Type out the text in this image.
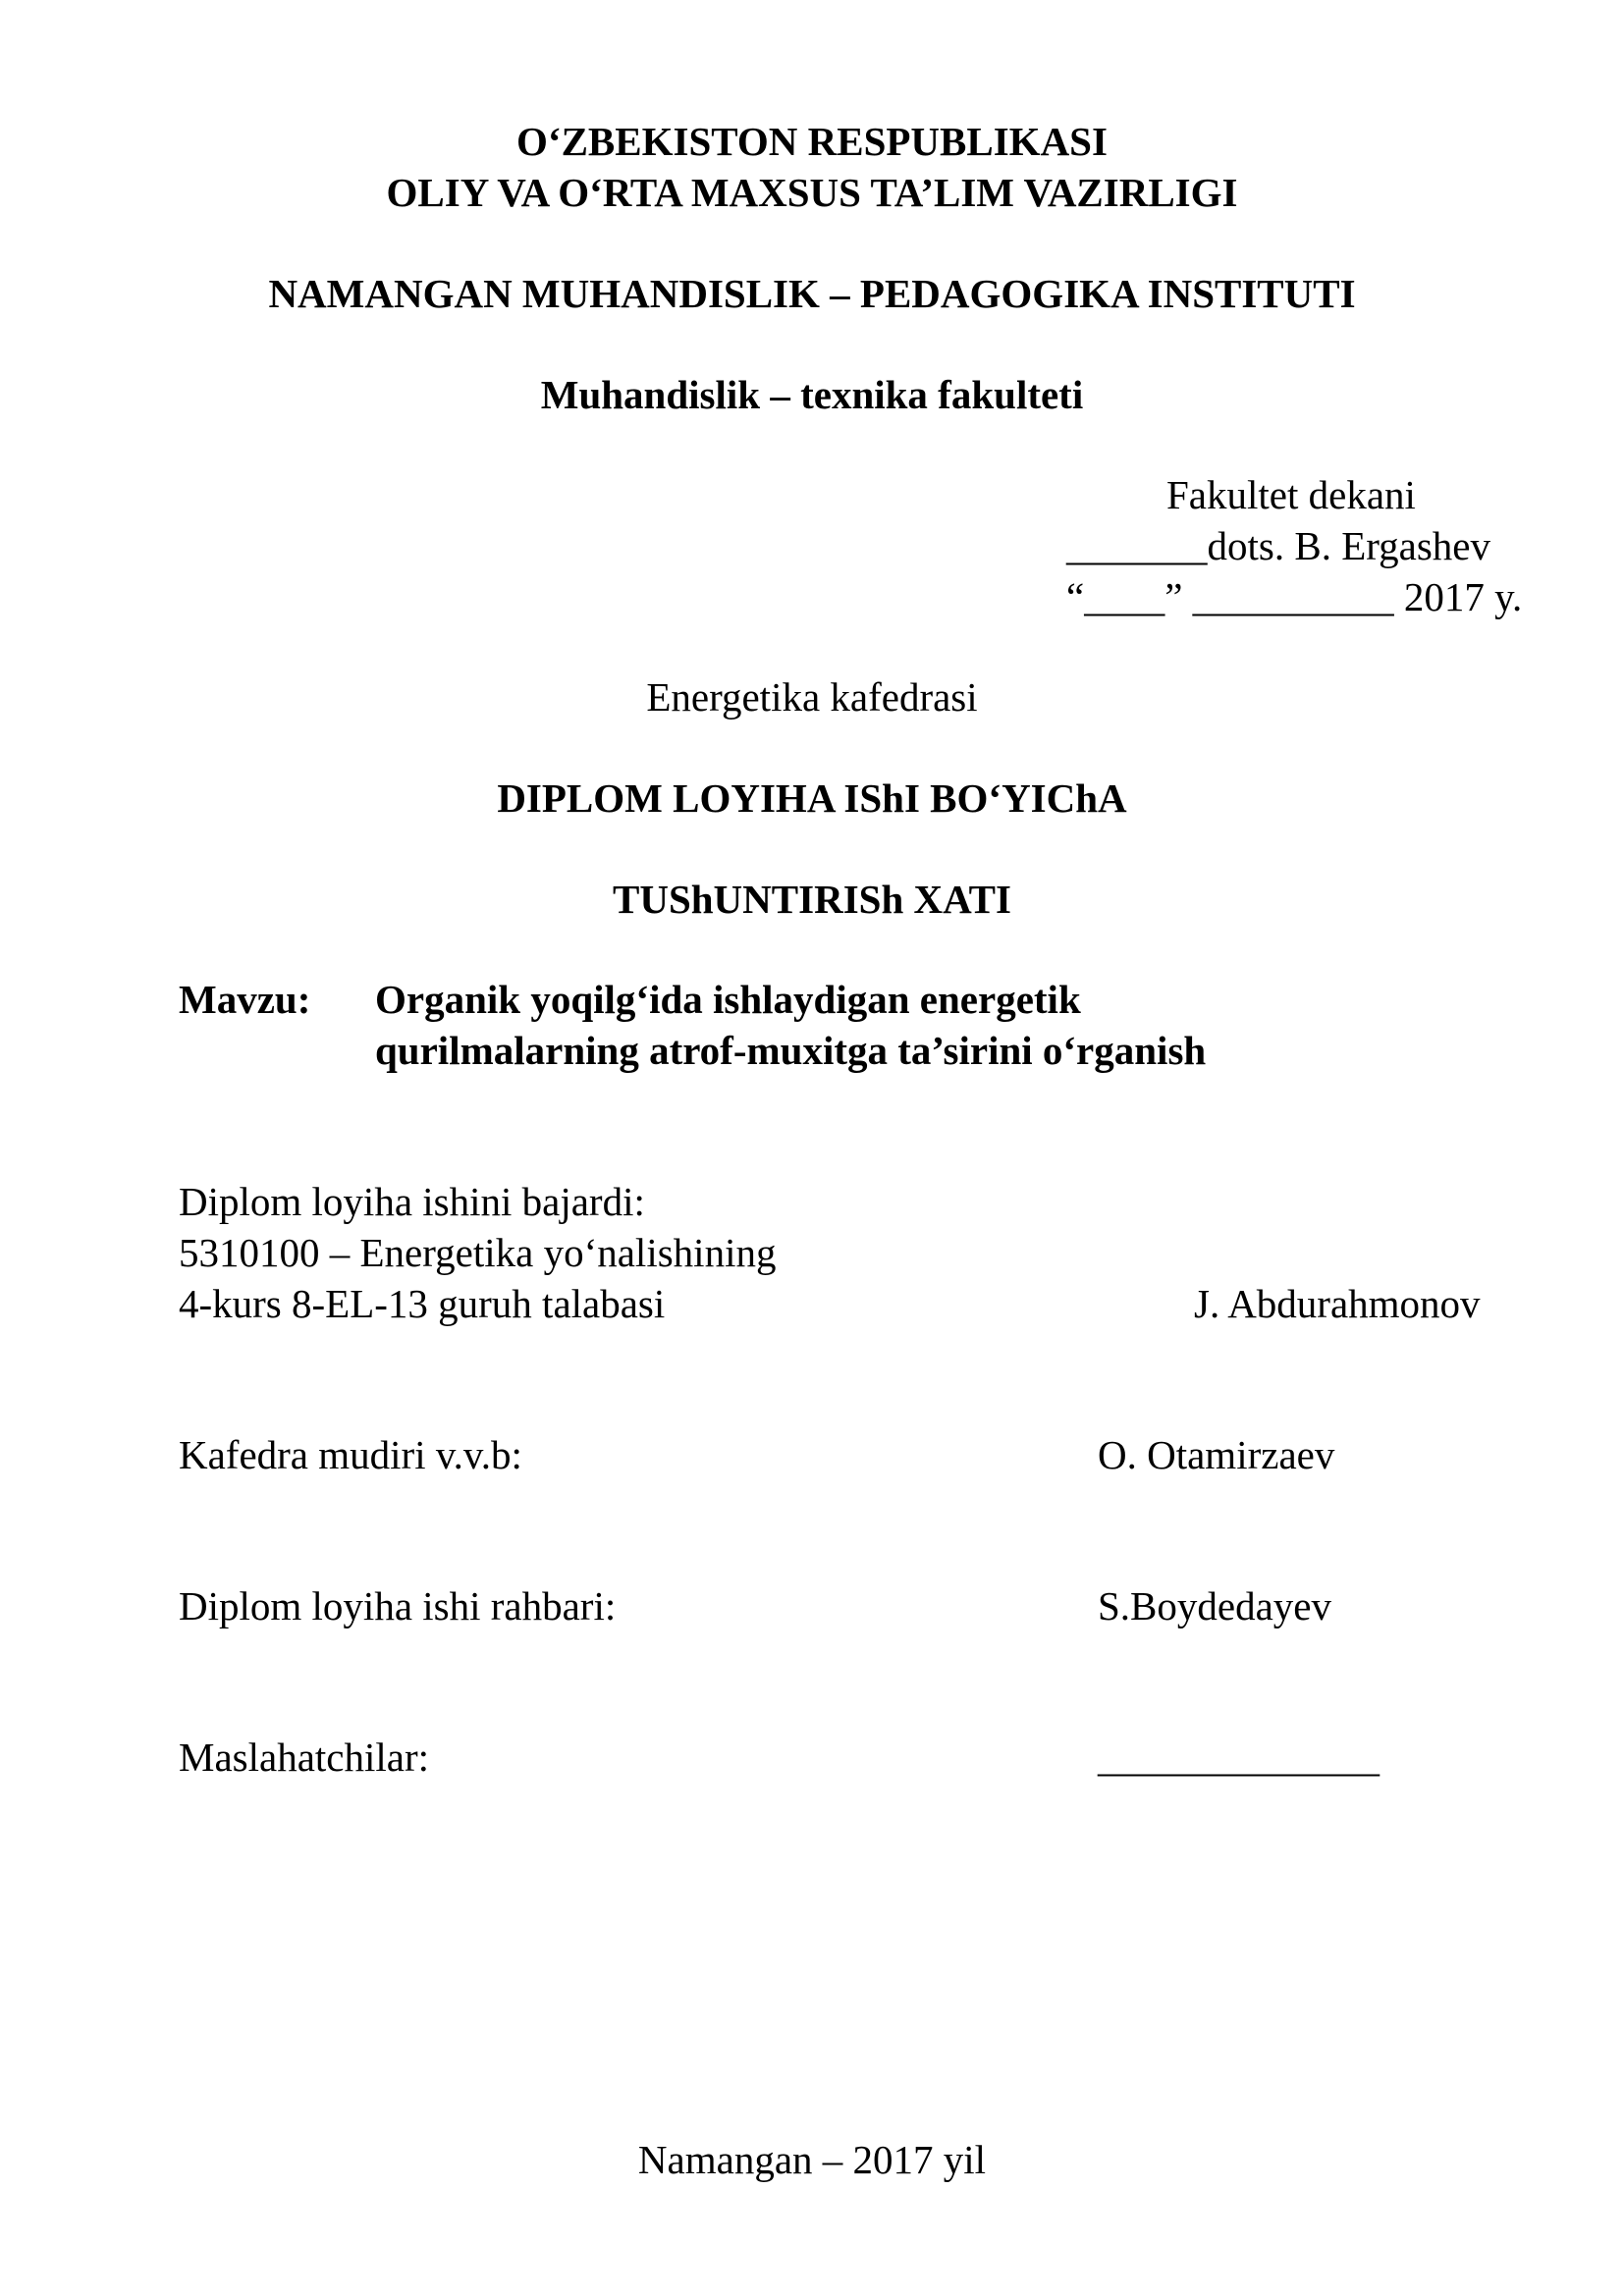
O‘ZBEKISTON RESPUBLIKASI
OLIY VA O‘RTA MAXSUS TA’LIM VAZIRLIGI
NAMANGAN MUHANDISLIK – PEDAGOGIKA INSTITUTI
Muhandislik – texnika fakulteti
Fakultet dekani
_______dots. B. Ergashev
“____” __________ 2017 y.
Energetika kafedrasi
DIPLOM LOYIHA IShI BO‘YIChA
TUShUNTIRISh XATI
Mavzu: Organik yoqilg‘ida ishlaydigan energetik
qurilmalarning atrof-muxitga ta’sirini o‘rganish
Diplom loyiha ishini bajardi:
5310100 – Energetika yo‘nalishining
4-kurs 8-EL-13 guruh talabasi	J. Abdurahmonov
Kafedra mudiri v.v.b:	O. Otamirzaev
Diplom loyiha ishi rahbari:	S.Boydedayev
Maslahatchilar:	______________
Namangan – 2017 yil
